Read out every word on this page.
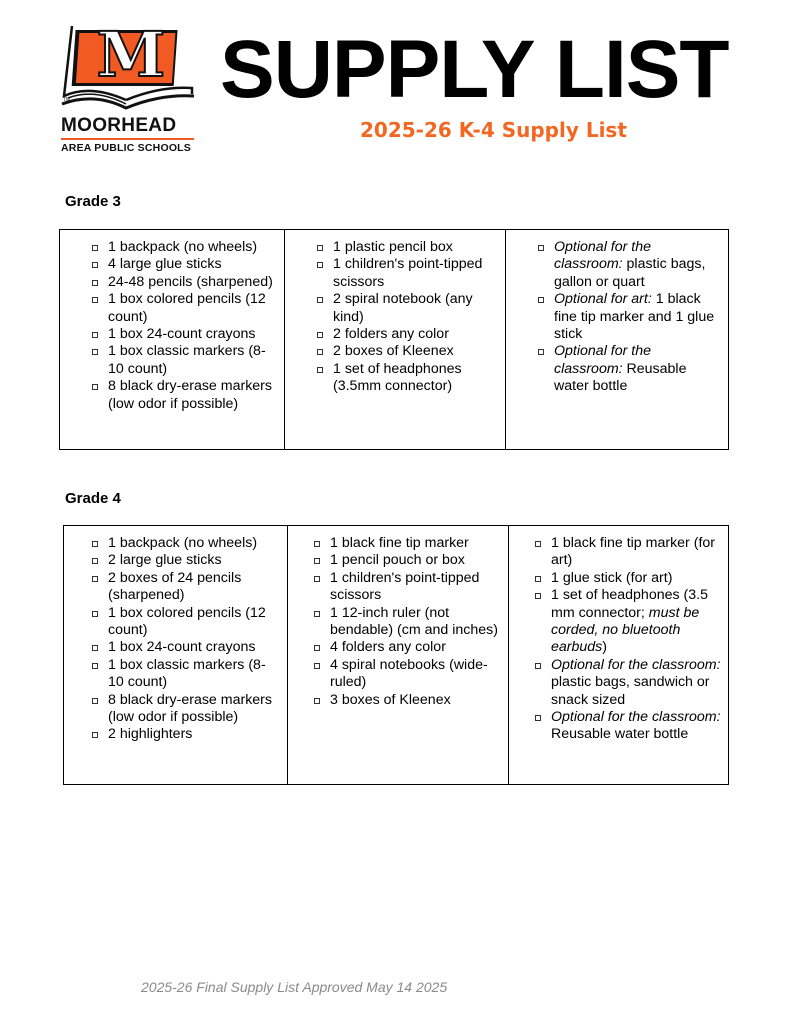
M
TM
MOORHEAD
AREA PUBLIC SCHOOLS
SUPPLY LIST
2025-26 K-4 Supply List
Grade 3
1 backpack (no wheels)
4 large glue sticks
24-48 pencils (sharpened)
1 box colored pencils (12 count)
1 box 24-count crayons
1 box classic markers (8-10 count)
8 black dry-erase markers (low odor if possible)
1 plastic pencil box
1 children's point-tipped scissors
2 spiral notebook (any kind)
2 folders any color
2 boxes of Kleenex
1 set of headphones (3.5mm connector)
Optional for the classroom: plastic bags, gallon or quart
Optional for art: 1 black fine tip marker and 1 glue stick
Optional for the classroom: Reusable water bottle
Grade 4
1 backpack (no wheels)
2 large glue sticks
2 boxes of 24 pencils (sharpened)
1 box colored pencils (12 count)
1 box 24-count crayons
1 box classic markers (8-10 count)
8 black dry-erase markers (low odor if possible)
2 highlighters
1 black fine tip marker
1 pencil pouch or box
1 children's point-tipped scissors
1 12-inch ruler (not bendable) (cm and inches)
4 folders any color
4 spiral notebooks (wide-ruled)
3 boxes of Kleenex
1 black fine tip marker (for art)
1 glue stick (for art)
1 set of headphones (3.5 mm connector; must be corded, no bluetooth earbuds)
Optional for the classroom: plastic bags, sandwich or snack sized
Optional for the classroom: Reusable water bottle
2025-26 Final Supply List Approved May 14 2025
